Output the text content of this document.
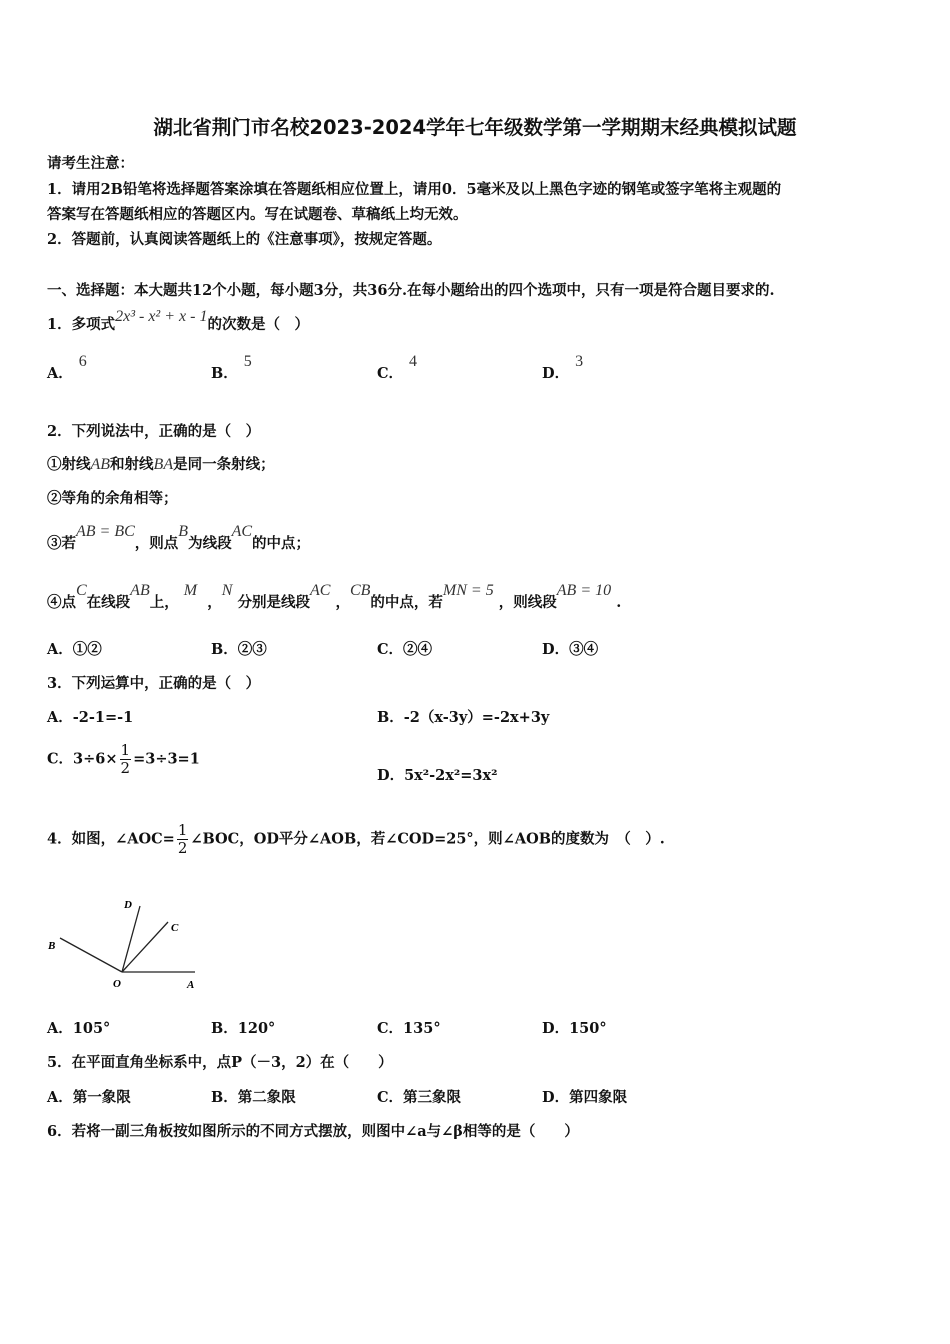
湖北省荆门市名校2023-2024学年七年级数学第一学期期末经典模拟试题
请考生注意：
1．请用2B铅笔将选择题答案涂填在答题纸相应位置上，请用0．5毫米及以上黑色字迹的钢笔或签字笔将主观题的
答案写在答题纸相应的答题区内。写在试题卷、草稿纸上均无效。
2．答题前，认真阅读答题纸上的《注意事项》，按规定答题。
一、选择题：本大题共12个小题，每小题3分，共36分.在每小题给出的四个选项中，只有一项是符合题目要求的.
1．多项式2x³ - x² + x - 1的次数是（　）
A．6
B．5
C．4
D．3
2．下列说法中，正确的是（　）
①射线AB和射线BA是同一条射线；
②等角的余角相等；
③若AB = BC，则点B为线段AC的中点；
④点C在线段AB上， M  ，N 分别是线段AC ，CB的中点，若MN = 5 ，则线段AB = 10 .
A．①②	B．②③	C．②④	D．③④
3．下列运算中，正确的是（　）
A．-2-1=-1	B．-2（x-3y）=-2x+3y
C．$3\div 6\times \frac{1}{2} =3\div 3=1$
D．5x²-2x²=3x²
4．如图，∠AOC= $\frac{1}{2}$ ∠BOC，OD平分∠AOB，若∠COD=25°，则∠AOB的度数为　（　）.
D
C
B
O	A
A．105°	B．120°	C．135°	D．150°
5．在平面直角坐标系中，点P（－3，2）在（　　）
A．第一象限	B．第二象限	C．第三象限	D．第四象限
6．若将一副三角板按如图所示的不同方式摆放，则图中∠a与∠β相等的是（　　）
